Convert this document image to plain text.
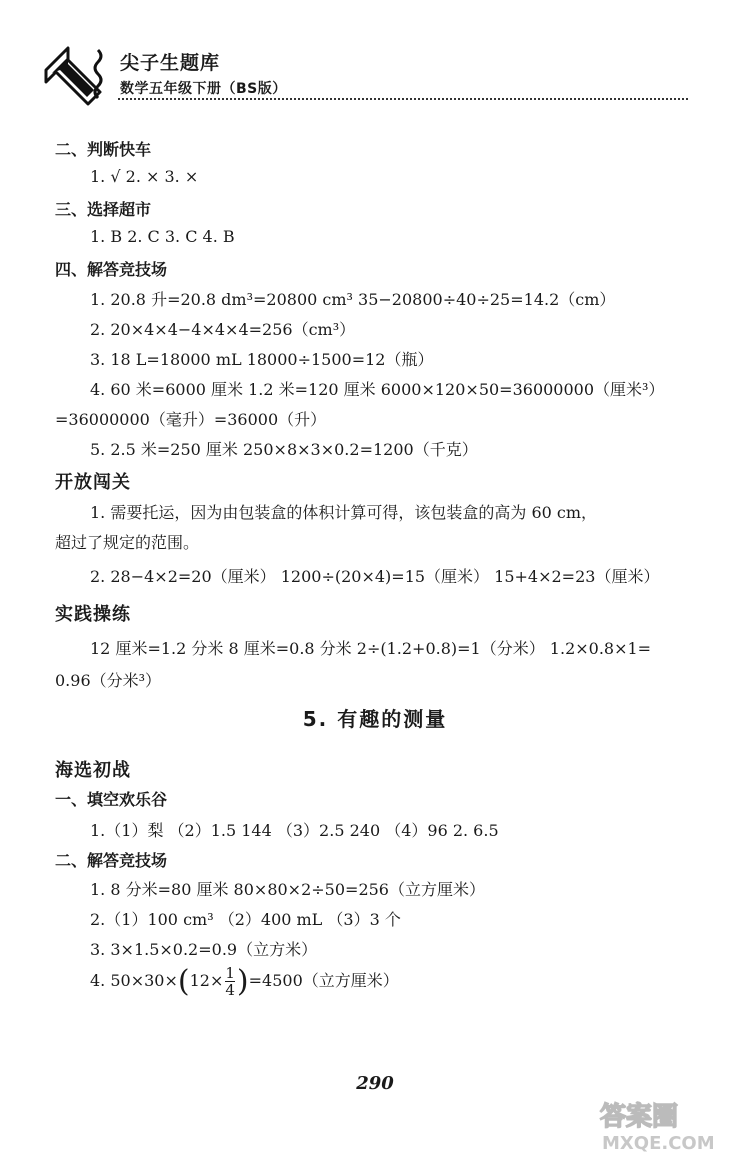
尖子生题库
数学五年级下册（BS版）
二、判断快车
1. √ 2. × 3. ×
三、选择超市
1. B 2. C 3. C 4. B
四、解答竞技场
1. 20.8 升=20.8 dm³=20800 cm³ 35−20800÷40÷25=14.2（cm）
2. 20×4×4−4×4×4=256（cm³）
3. 18 L=18000 mL 18000÷1500=12（瓶）
4. 60 米=6000 厘米 1.2 米=120 厘米 6000×120×50=36000000（厘米³）
=36000000（毫升）=36000（升）
5. 2.5 米=250 厘米 250×8×3×0.2=1200（千克）
开放闯关
1. 需要托运，因为由包装盒的体积计算可得，该包装盒的高为 60 cm，
超过了规定的范围。
2. 28−4×2=20（厘米） 1200÷(20×4)=15（厘米） 15+4×2=23（厘米）
实践操练
12 厘米=1.2 分米 8 厘米=0.8 分米 2÷(1.2+0.8)=1（分米） 1.2×0.8×1=
0.96（分米³）
5. 有趣的测量
海选初战
一、填空欢乐谷
1.（1）梨 （2）1.5 144 （3）2.5 240 （4）96 2. 6.5
二、解答竞技场
1. 8 分米=80 厘米 80×80×2÷50=256（立方厘米）
2.（1）100 cm³ （2）400 mL （3）3 个
3. 3×1.5×0.2=0.9（立方米）
4. $50\times 30\times(12\times \frac{1}{4} )=4500$（立方厘米）
290
答案圈
MXQE.COM
